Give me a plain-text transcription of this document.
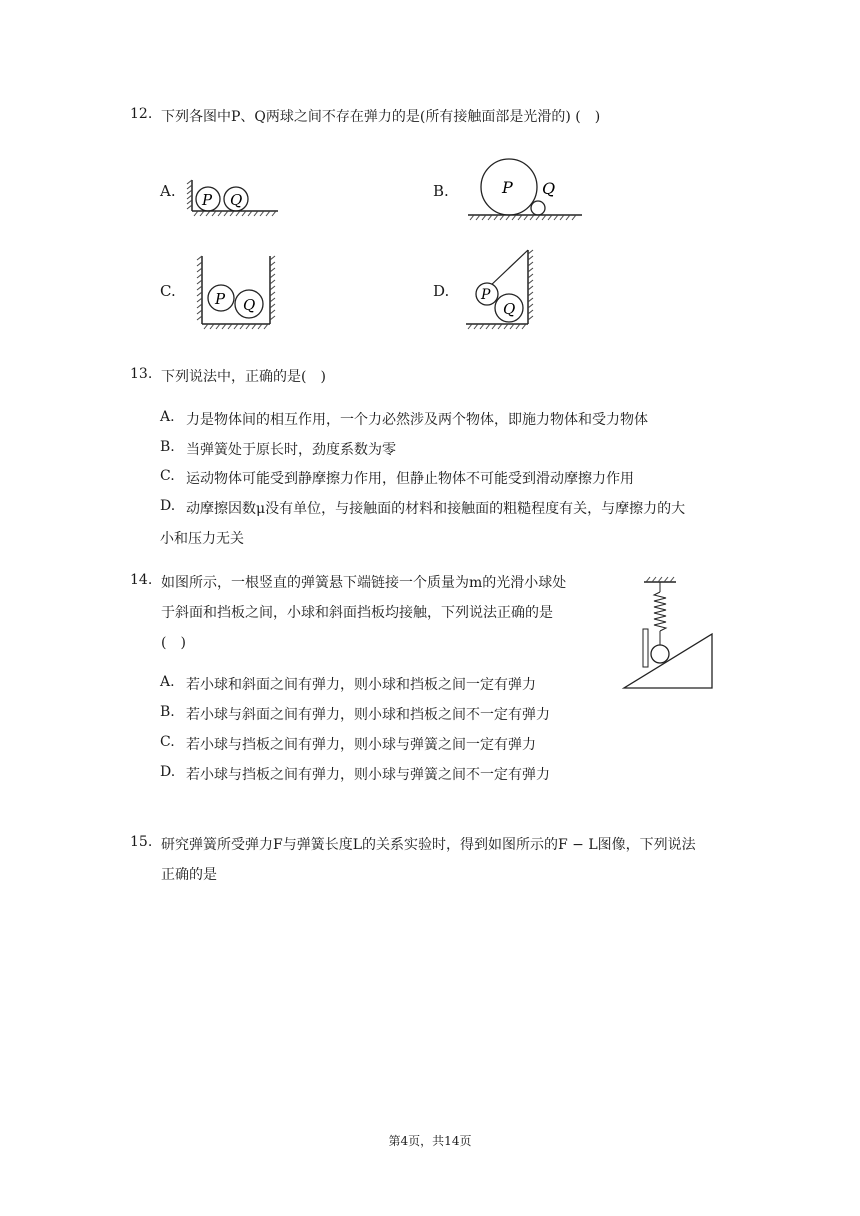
12. 下列各图中P、Q两球之间不存在弹力的是(所有接触面部是光滑的) (　)
A. P Q	B.	P Q
C.	P Q
D. P
Q
13. 下列说法中，正确的是(　)
A. 力是物体间的相互作用，一个力必然涉及两个物体，即施力物体和受力物体
B. 当弹簧处于原长时，劲度系数为零
C. 运动物体可能受到静摩擦力作用，但静止物体不可能受到滑动摩擦力作用
D. 动摩擦因数μ没有单位，与接触面的材料和接触面的粗糙程度有关，与摩擦力的大
小和压力无关
14. 如图所示，一根竖直的弹簧悬下端链接一个质量为m的光滑小球处
于斜面和挡板之间，小球和斜面挡板均接触，下列说法正确的是
(　)
A. 若小球和斜面之间有弹力，则小球和挡板之间一定有弹力
B. 若小球与斜面之间有弹力，则小球和挡板之间不一定有弹力
C. 若小球与挡板之间有弹力，则小球与弹簧之间一定有弹力
D. 若小球与挡板之间有弹力，则小球与弹簧之间不一定有弹力
15. 研究弹簧所受弹力F与弹簧长度L的关系实验时，得到如图所示的F − L图像，下列说法
正确的是
第4页，共14页
